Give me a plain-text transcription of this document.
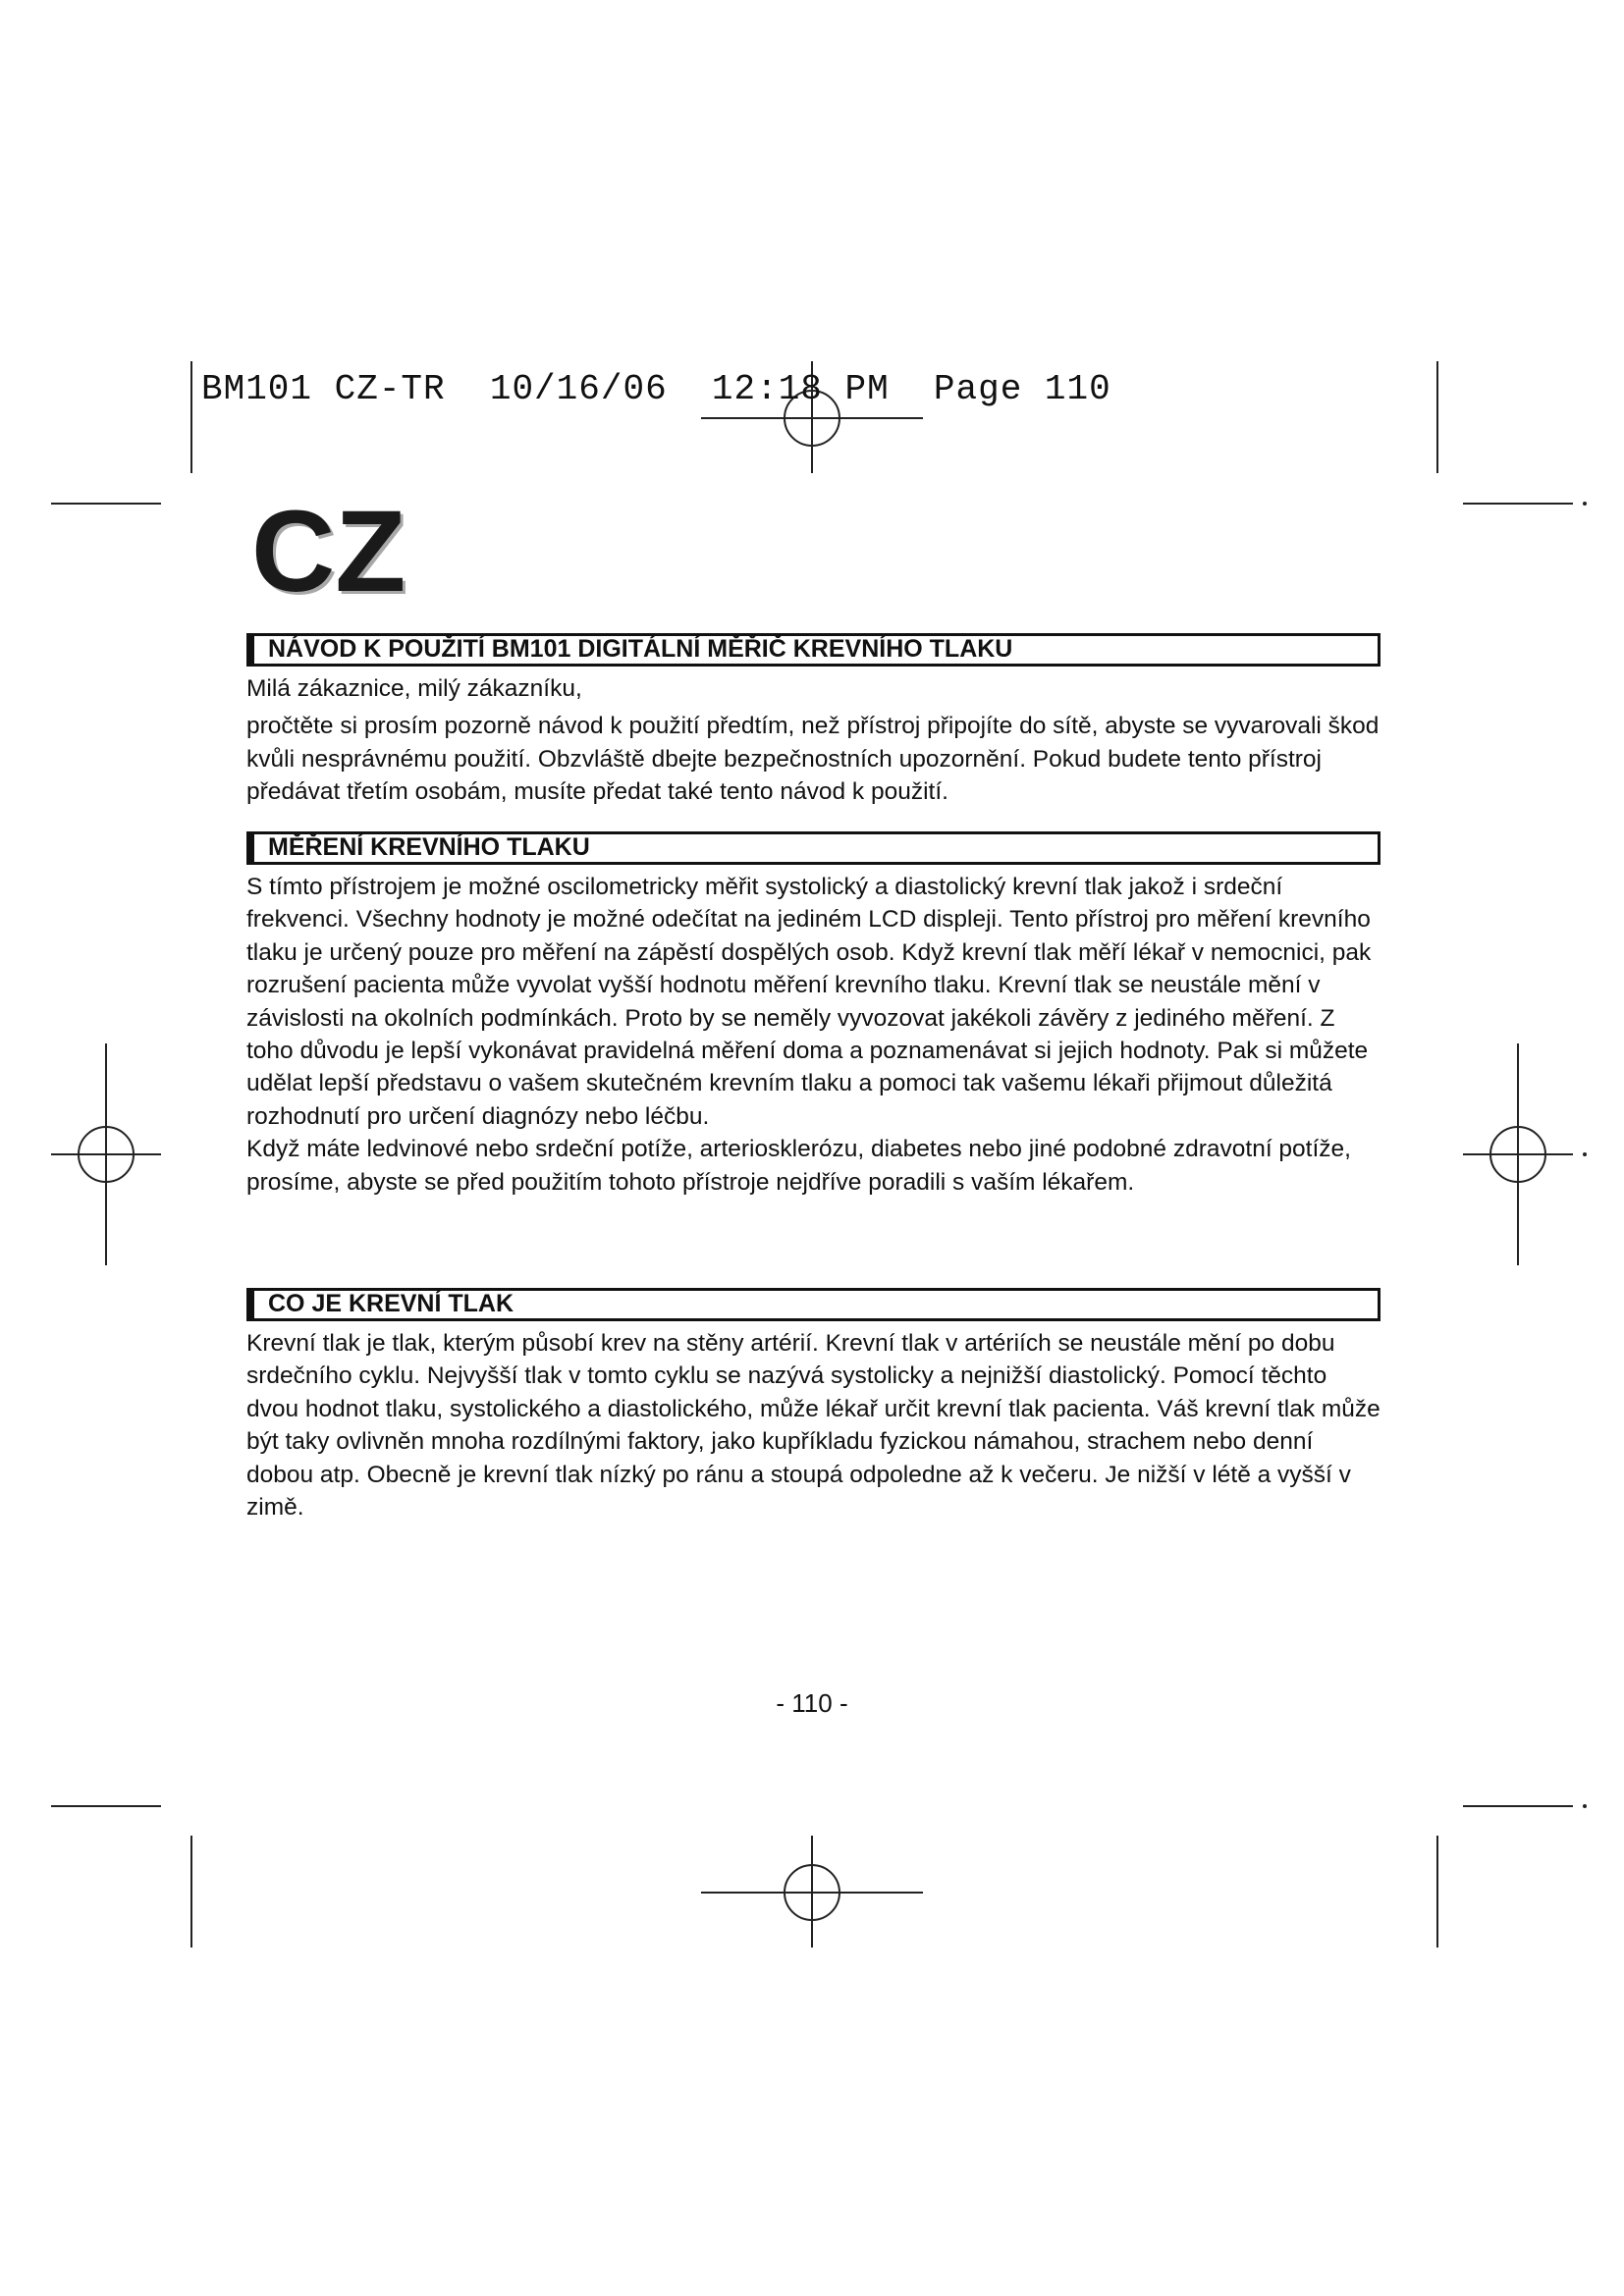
BM101 CZ-TR  10/16/06  12:18 PM  Page 110

CZ
NÁVOD K POUŽITÍ BM101 DIGITÁLNÍ MĚŘIČ KREVNÍHO TLAKU

Milá zákaznice, milý zákazníku,

pročtěte si prosím pozorně návod k použití předtím, než přístroj připojíte do sítě, abyste se vyvarovali škod kvůli nesprávnému použití. Obzvláště dbejte bezpečnostních upozornění. Pokud budete tento přístroj předávat třetím osobám, musíte předat také tento návod k použití.

MĚŘENÍ KREVNÍHO TLAKU

S tímto přístrojem je možné oscilometricky měřit systolický a diastolický krevní tlak jakož i srdeční frekvenci. Všechny hodnoty je možné odečítat na jediném LCD displeji. Tento přístroj pro měření krevního tlaku je určený pouze pro měření na zápěstí dospělých osob. Když krevní tlak měří lékař v nemocnici, pak rozrušení pacienta může vyvolat vyšší hodnotu měření krevního tlaku. Krevní tlak se neustále mění v závislosti na okolních podmínkách. Proto by se neměly vyvozovat jakékoli závěry z jediného měření. Z toho důvodu je lepší vykonávat pravidelná měření doma a poznamenávat si jejich hodnoty. Pak si můžete udělat lepší představu o vašem skutečném krevním tlaku a pomoci tak vašemu lékaři přijmout důležitá rozhodnutí pro určení diagnózy nebo léčbu.

Když máte ledvinové nebo srdeční potíže, arteriosklerózu, diabetes nebo jiné podobné zdravotní potíže, prosíme, abyste se před použitím tohoto přístroje nejdříve poradili s vaším lékařem.

CO JE KREVNÍ TLAK

Krevní tlak je tlak, kterým působí krev na stěny artérií. Krevní tlak v artériích se neustále mění po dobu srdečního cyklu. Nejvyšší tlak v tomto cyklu se nazývá systolicky a nejnižší diastolický. Pomocí těchto dvou hodnot tlaku, systolického a diastolického, může lékař určit krevní tlak pacienta. Váš krevní tlak může být taky ovlivněn mnoha rozdílnými faktory, jako kupříkladu fyzickou námahou, strachem nebo denní dobou atp. Obecně je krevní tlak nízký po ránu a stoupá odpoledne až k večeru. Je nižší v létě a vyšší v zimě.

- 110 -
